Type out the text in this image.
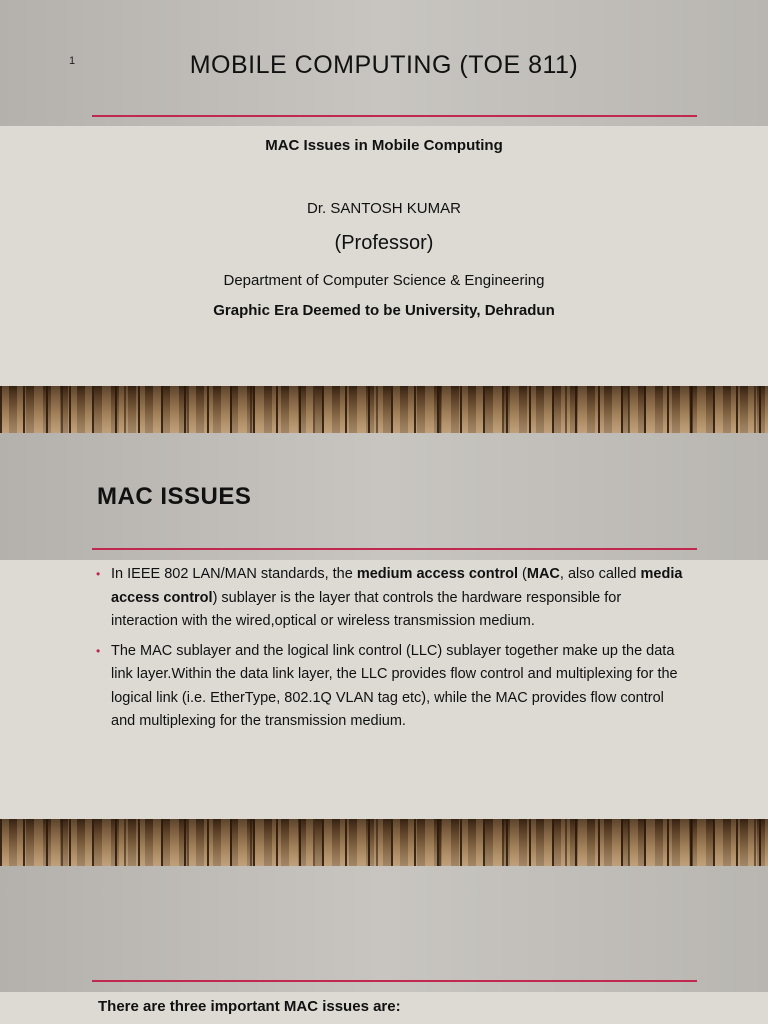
1	MOBILE COMPUTING (TOE 811)
MAC Issues in Mobile Computing
Dr. SANTOSH KUMAR
(Professor)
Department of Computer Science & Engineering
Graphic Era Deemed to be University, Dehradun
MAC ISSUES
• In IEEE 802 LAN/MAN standards, the medium access control (MAC, also called media access control) sublayer is the layer that controls the hardware responsible for interaction with the wired,optical or wireless transmission medium.
• The MAC sublayer and the logical link control (LLC) sublayer together make up the data link layer.Within the data link layer, the LLC provides flow control and multiplexing for the logical link (i.e. EtherType, 802.1Q VLAN tag etc), while the MAC provides flow control and multiplexing for the transmission medium.
There are three important MAC issues are:
